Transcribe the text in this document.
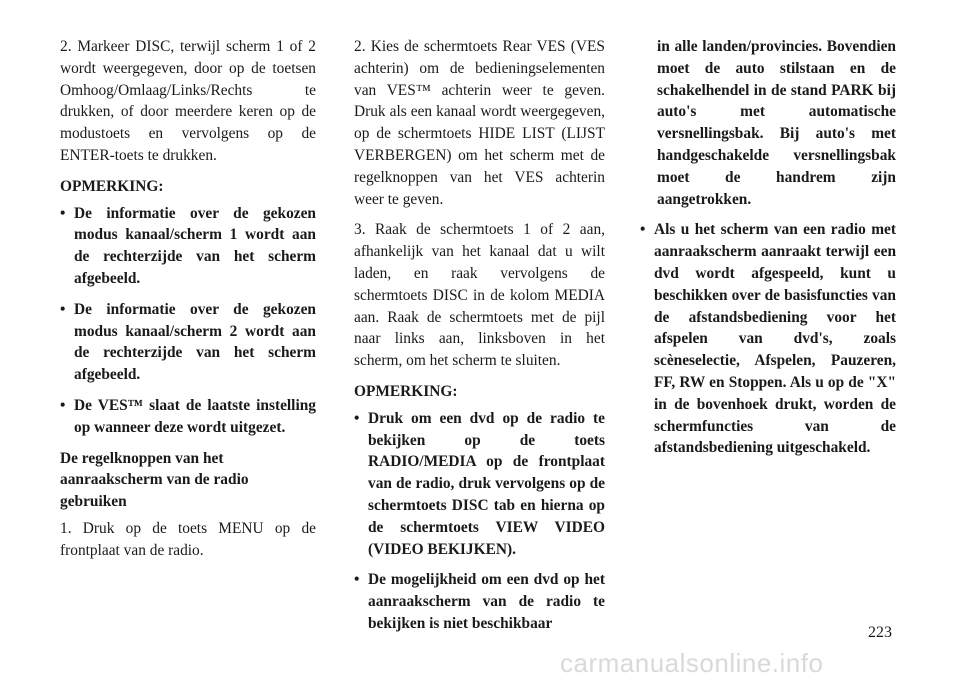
2. Markeer DISC, terwijl scherm 1 of 2 wordt weergegeven, door op de toetsen Omhoog/Omlaag/Links/Rechts te drukken, of door meerdere keren op de modustoets en vervolgens op de ENTER-toets te drukken.

OPMERKING:

• De informatie over de gekozen modus kanaal/scherm 1 wordt aan de rechterzijde van het scherm afgebeeld.
• De informatie over de gekozen modus kanaal/scherm 2 wordt aan de rechterzijde van het scherm afgebeeld.
• De VES™ slaat de laatste instelling op wanneer deze wordt uitgezet.

De regelknoppen van het aanraakscherm van de radio gebruiken

1. Druk op de toets MENU op de frontplaat van de radio.

2. Kies de schermtoets Rear VES (VES achterin) om de bedieningselementen van VES™ achterin weer te geven. Druk als een kanaal wordt weergegeven, op de schermtoets HIDE LIST (LIJST VERBERGEN) om het scherm met de regelknoppen van het VES achterin weer te geven.

3. Raak de schermtoets 1 of 2 aan, afhankelijk van het kanaal dat u wilt laden, en raak vervolgens de schermtoets DISC in de kolom MEDIA aan. Raak de schermtoets met de pijl naar links aan, linksboven in het scherm, om het scherm te sluiten.

OPMERKING:

• Druk om een dvd op de radio te bekijken op de toets RADIO/MEDIA op de frontplaat van de radio, druk vervolgens op de schermtoets DISC tab en hierna op de schermtoets VIEW VIDEO (VIDEO BEKIJKEN).
• De mogelijkheid om een dvd op het aanraakscherm van de radio te bekijken is niet beschikbaar

in alle landen/provincies. Bovendien moet de auto stilstaan en de schakelhendel in de stand PARK bij auto's met automatische versnellingsbak. Bij auto's met handgeschakelde versnellingsbak moet de handrem zijn aangetrokken.

• Als u het scherm van een radio met aanraakscherm aanraakt terwijl een dvd wordt afgespeeld, kunt u beschikken over de basisfuncties van de afstandsbediening voor het afspelen van dvd's, zoals scèneselectie, Afspelen, Pauzeren, FF, RW en Stoppen. Als u op de "X" in de bovenhoek drukt, worden de schermfuncties van de afstandsbediening uitgeschakeld.
223
carmanualsonline.info
